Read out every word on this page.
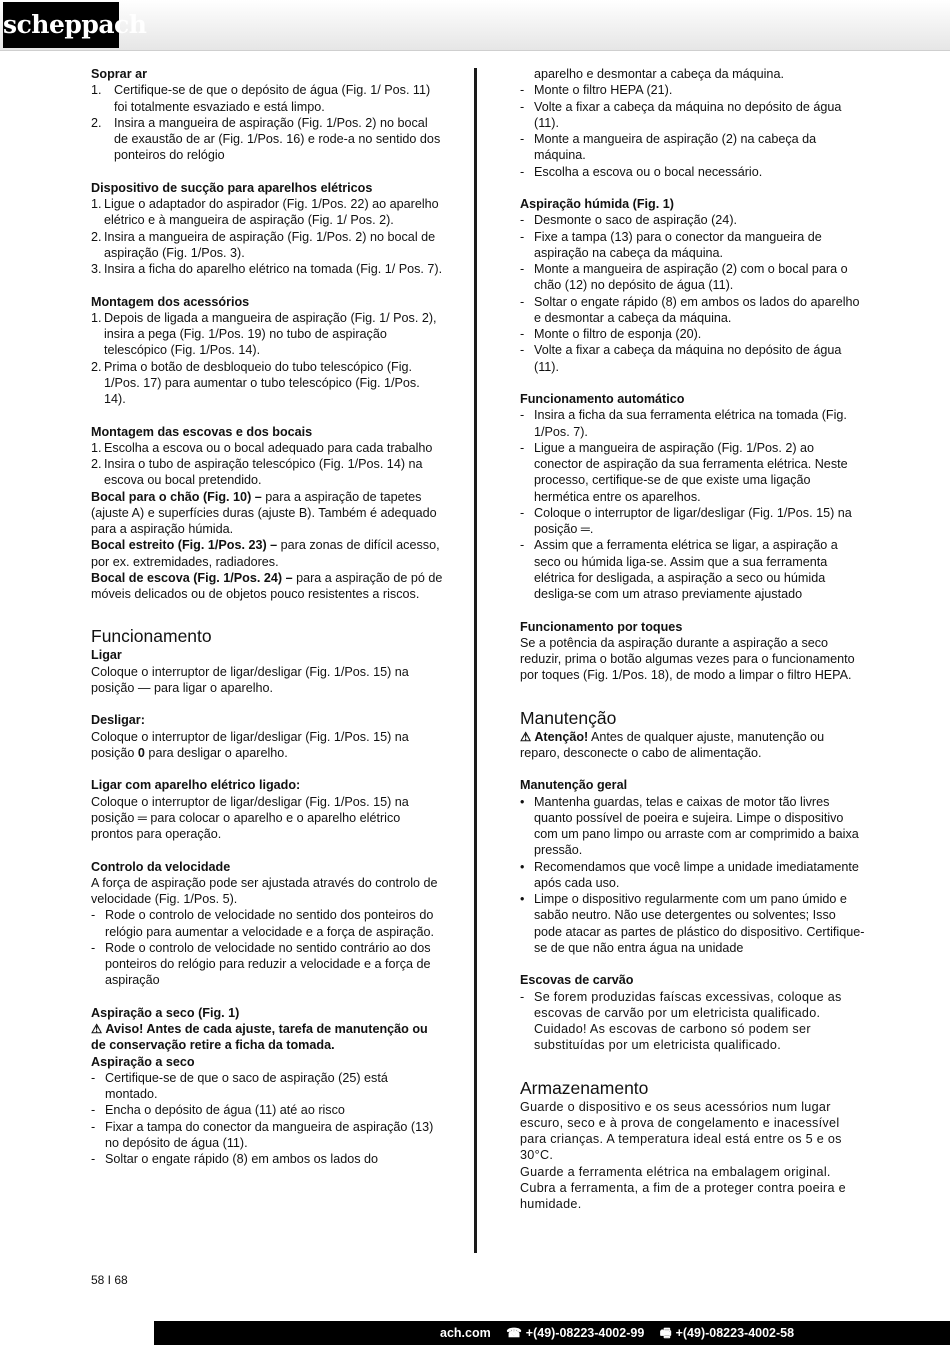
scheppach
Soprar ar
1. Certifique-se de que o depósito de água (Fig. 1/ Pos. 11) foi totalmente esvaziado e está limpo.
2. Insira a mangueira de aspiração (Fig. 1/Pos. 2) no bocal de exaustão de ar (Fig. 1/Pos. 16) e rode-a no sentido dos ponteiros do relógio
Dispositivo de sucção para aparelhos elétricos
1. Ligue o adaptador do aspirador (Fig. 1/Pos. 22) ao aparelho elétrico e à mangueira de aspiração (Fig. 1/ Pos. 2).
2. Insira a mangueira de aspiração (Fig. 1/Pos. 2) no bocal de aspiração (Fig. 1/Pos. 3).
3. Insira a ficha do aparelho elétrico na tomada (Fig. 1/ Pos. 7).
Montagem dos acessórios
1. Depois de ligada a mangueira de aspiração (Fig. 1/ Pos. 2), insira a pega (Fig. 1/Pos. 19) no tubo de aspiração telescópico (Fig. 1/Pos. 14).
2. Prima o botão de desbloqueio do tubo telescópico (Fig. 1/Pos. 17) para aumentar o tubo telescópico (Fig. 1/Pos. 14).
Montagem das escovas e dos bocais
1. Escolha a escova ou o bocal adequado para cada trabalho
2. Insira o tubo de aspiração telescópico (Fig. 1/Pos. 14) na escova ou bocal pretendido.

Bocal para o chão (Fig. 10) – para a aspiração de tapetes (ajuste A) e superfícies duras (ajuste B). Também é adequado para a aspiração húmida.

Bocal estreito (Fig. 1/Pos. 23) – para zonas de difícil acesso, por ex. extremidades, radiadores.

Bocal de escova (Fig. 1/Pos. 24) – para a aspiração de pó de móveis delicados ou de objetos pouco resistentes a riscos.

Funcionamento
Ligar

Coloque o interruptor de ligar/desligar (Fig. 1/Pos. 15) na posição — para ligar o aparelho.

Desligar:

Coloque o interruptor de ligar/desligar (Fig. 1/Pos. 15) na posição 0 para desligar o aparelho.

Ligar com aparelho elétrico ligado:

Coloque o interruptor de ligar/desligar (Fig. 1/Pos. 15) na posição ═ para colocar o aparelho e o aparelho elétrico prontos para operação.

Controlo da velocidade

A força de aspiração pode ser ajustada através do controlo de velocidade (Fig. 1/Pos. 5).

- Rode o controlo de velocidade no sentido dos ponteiros do relógio para aumentar a velocidade e a força de aspiração.
- Rode o controlo de velocidade no sentido contrário ao dos ponteiros do relógio para reduzir a velocidade e a força de aspiração
Aspiração a seco (Fig. 1)

⚠ Aviso! Antes de cada ajuste, tarefa de manutenção ou de conservação retire a ficha da tomada.

Aspiração a seco
- Certifique-se de que o saco de aspiração (25) está montado.
- Encha o depósito de água (11) até ao risco
- Fixar a tampa do conector da mangueira de aspiração (13) no depósito de água (11).
- Soltar o engate rápido (8) em ambos os lados do
aparelho e desmontar a cabeça da máquina.
- Monte o filtro HEPA (21).
- Volte a fixar a cabeça da máquina no depósito de água (11).
- Monte a mangueira de aspiração (2) na cabeça da máquina.
- Escolha a escova ou o bocal necessário.
Aspiração húmida (Fig. 1)
- Desmonte o saco de aspiração (24).
- Fixe a tampa (13) para o conector da mangueira de aspiração na cabeça da máquina.
- Monte a mangueira de aspiração (2) com o bocal para o chão (12) no depósito de água (11).
- Soltar o engate rápido (8) em ambos os lados do aparelho e desmontar a cabeça da máquina.
- Monte o filtro de esponja (20).
- Volte a fixar a cabeça da máquina no depósito de água (11).
Funcionamento automático
- Insira a ficha da sua ferramenta elétrica na tomada (Fig. 1/Pos. 7).
- Ligue a mangueira de aspiração (Fig. 1/Pos. 2) ao conector de aspiração da sua ferramenta elétrica. Neste processo, certifique-se de que existe uma ligação hermética entre os aparelhos.
- Coloque o interruptor de ligar/desligar (Fig. 1/Pos. 15) na posição ═.
- Assim que a ferramenta elétrica se ligar, a aspiração a seco ou húmida liga-se. Assim que a sua ferramenta elétrica for desligada, a aspiração a seco ou húmida desliga-se com um atraso previamente ajustado
Funcionamento por toques

Se a potência da aspiração durante a aspiração a seco reduzir, prima o botão algumas vezes para o funcionamento por toques (Fig. 1/Pos. 18), de modo a limpar o filtro HEPA.

Manutenção

⚠ Atenção! Antes de qualquer ajuste, manutenção ou reparo, desconecte o cabo de alimentação.

Manutenção geral
• Mantenha guardas, telas e caixas de motor tão livres quanto possível de poeira e sujeira. Limpe o dispositivo com um pano limpo ou arraste com ar comprimido a baixa pressão.
• Recomendamos que você limpe a unidade imediatamente após cada uso.
• Limpe o dispositivo regularmente com um pano úmido e sabão neutro. Não use detergentes ou solventes; Isso pode atacar as partes de plástico do dispositivo. Certifique-se de que não entra água na unidade
Escovas de carvão
- Se forem produzidas faíscas excessivas, coloque as escovas de carvão por um eletricista qualificado. Cuidado! As escovas de carbono só podem ser substituídas por um eletricista qualificado.
Armazenamento

Guarde o dispositivo e os seus acessórios num lugar escuro, seco e à prova de congelamento e inacessível para crianças. A temperatura ideal está entre os 5 e os 30°C.

Guarde a ferramenta elétrica na embalagem original. Cubra a ferramenta, a fim de a proteger contra poeira e humidade.

58 I 68
ach.com ☎ +(49)-08223-4002-99 🖷 +(49)-08223-4002-58
